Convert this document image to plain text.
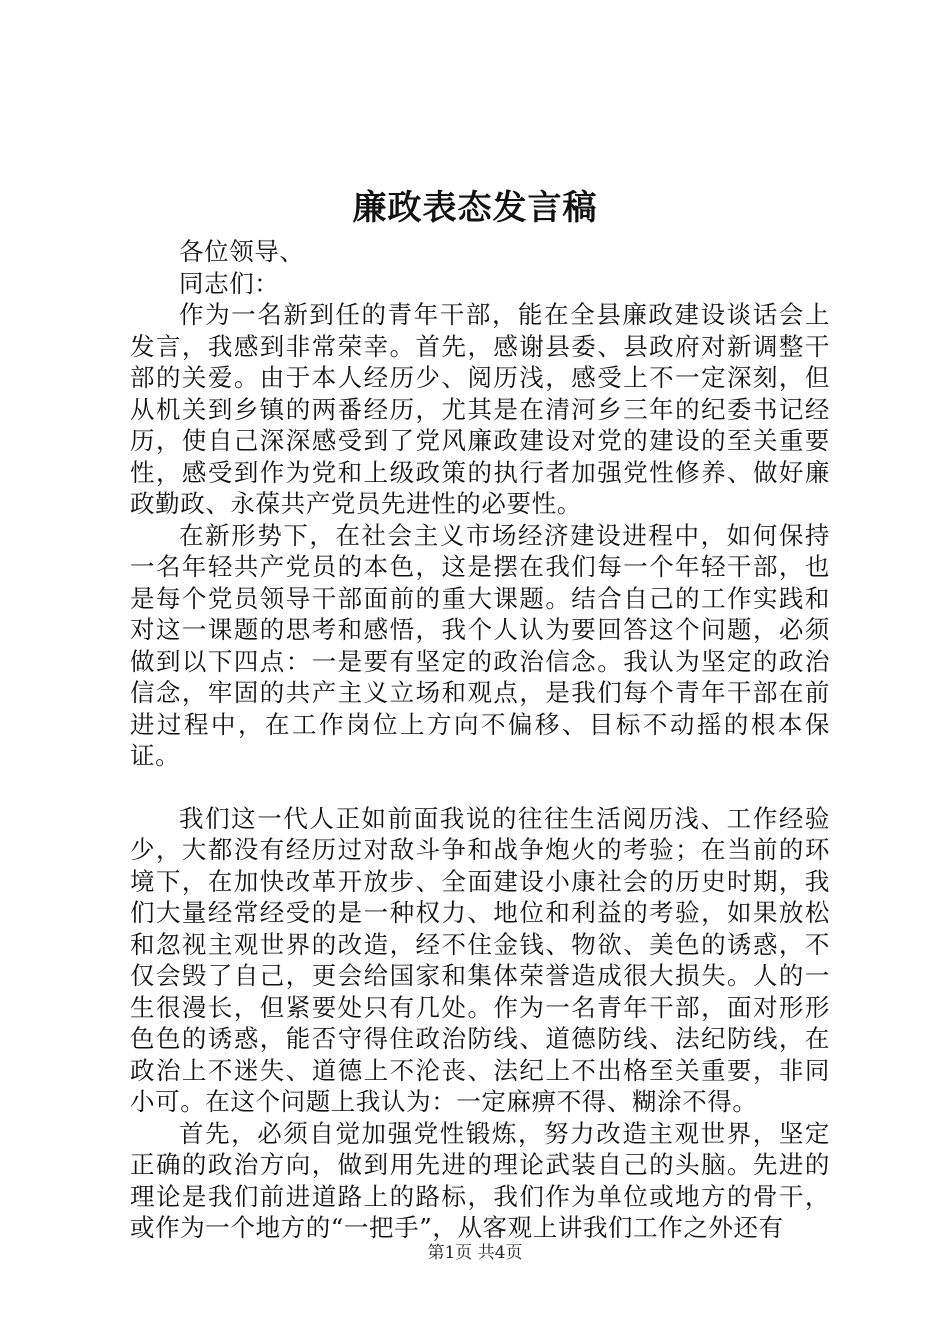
廉政表态发言稿

各位领导、

同志们：

作为一名新到任的青年干部，能在全县廉政建设谈话会上发言，我感到非常荣幸。首先，感谢县委、县政府对新调整干部的关爱。由于本人经历少、阅历浅，感受上不一定深刻，但从机关到乡镇的两番经历，尤其是在清河乡三年的纪委书记经历，使自己深深感受到了党风廉政建设对党的建设的至关重要性，感受到作为党和上级政策的执行者加强党性修养、做好廉政勤政、永葆共产党员先进性的必要性。

在新形势下，在社会主义市场经济建设进程中，如何保持一名年轻共产党员的本色，这是摆在我们每一个年轻干部，也是每个党员领导干部面前的重大课题。结合自己的工作实践和对这一课题的思考和感悟，我个人认为要回答这个问题，必须做到以下四点：一是要有坚定的政治信念。我认为坚定的政治信念，牢固的共产主义立场和观点，是我们每个青年干部在前进过程中，在工作岗位上方向不偏移、目标不动摇的根本保证。

我们这一代人正如前面我说的往往生活阅历浅、工作经验少，大都没有经历过对敌斗争和战争炮火的考验；在当前的环境下，在加快改革开放步、全面建设小康社会的历史时期，我们大量经常经受的是一种权力、地位和利益的考验，如果放松和忽视主观世界的改造，经不住金钱、物欲、美色的诱惑，不仅会毁了自己，更会给国家和集体荣誉造成很大损失。人的一生很漫长，但紧要处只有几处。作为一名青年干部，面对形形色色的诱惑，能否守得住政治防线、道德防线、法纪防线，在政治上不迷失、道德上不沦丧、法纪上不出格至关重要，非同小可。在这个问题上我认为：一定麻痹不得、糊涂不得。

首先，必须自觉加强党性锻炼，努力改造主观世界，坚定正确的政治方向，做到用先进的理论武装自己的头脑。先进的理论是我们前进道路上的路标，我们作为单位或地方的骨干，或作为一个地方的“一把手”，从客观上讲我们工作之外还有

第1页 共4页
